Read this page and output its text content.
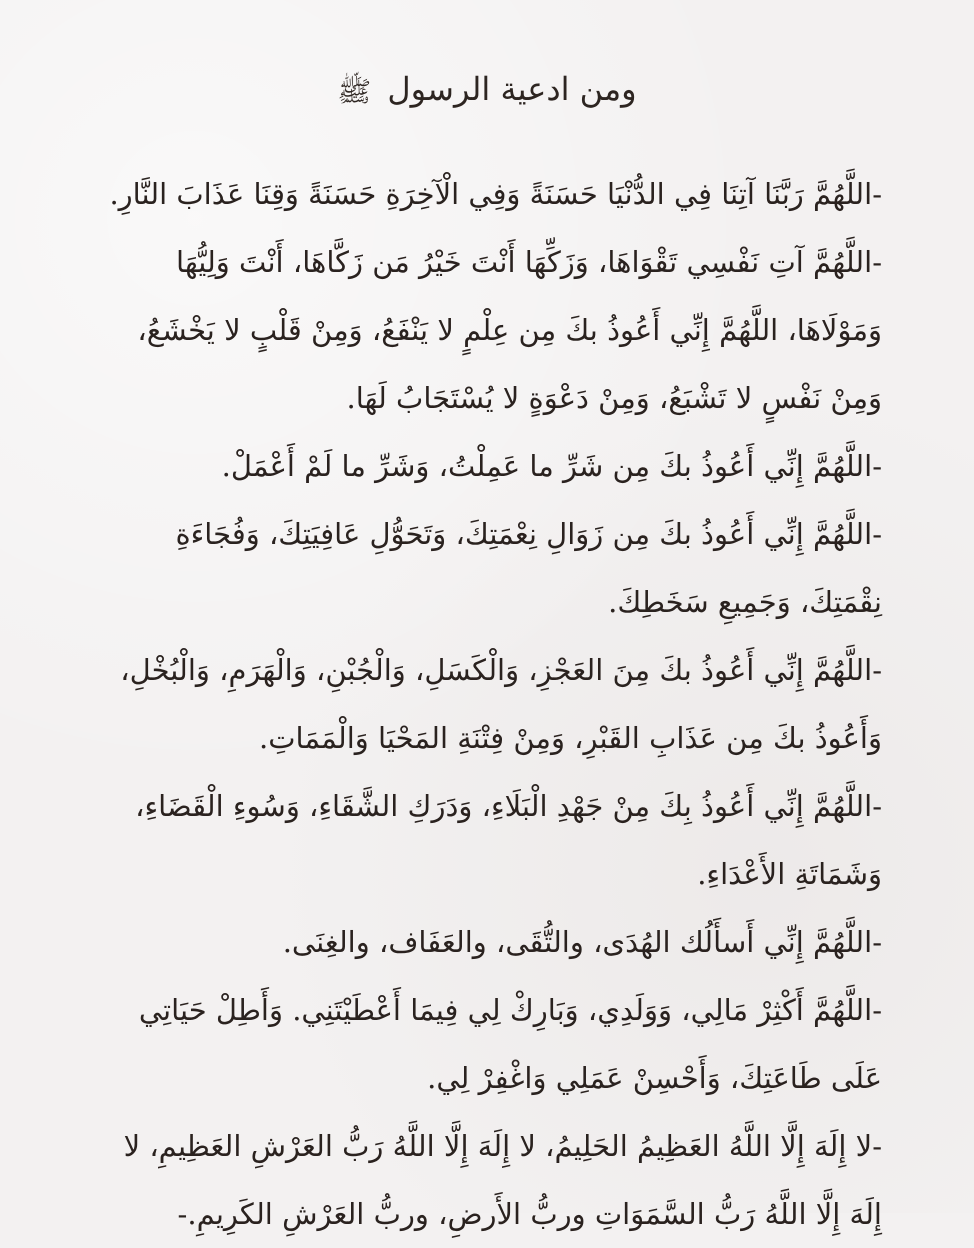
ومن ادعية الرسول ﷺ
-اللَّهُمَّ رَبَّنَا آتِنَا فِي الدُّنْيَا حَسَنَةً وَفِي الْآخِرَةِ حَسَنَةً وَقِنَا عَذَابَ النَّارِ.
-اللَّهُمَّ آتِ نَفْسِي تَقْوَاهَا، وَزَكِّهَا أَنْتَ خَيْرُ مَن زَكَّاهَا، أَنْتَ وَلِيُّهَا وَمَوْلَاهَا، اللَّهُمَّ إِنِّي أَعُوذُ بكَ مِن عِلْمٍ لا يَنْفَعُ، وَمِنْ قَلْبٍ لا يَخْشَعُ، وَمِنْ نَفْسٍ لا تَشْبَعُ، وَمِنْ دَعْوَةٍ لا يُسْتَجَابُ لَهَا.
-اللَّهُمَّ إِنِّي أَعُوذُ بكَ مِن شَرِّ ما عَمِلْتُ، وَشَرِّ ما لَمْ أَعْمَلْ.
-اللَّهُمَّ إِنِّي أَعُوذُ بكَ مِن زَوَالِ نِعْمَتِكَ، وَتَحَوُّلِ عَافِيَتِكَ، وَفُجَاءَةِ نِقْمَتِكَ، وَجَمِيعِ سَخَطِكَ.
-اللَّهُمَّ إِنِّي أَعُوذُ بكَ مِنَ العَجْزِ، وَالْكَسَلِ، وَالْجُبْنِ، وَالْهَرَمِ، وَالْبُخْلِ، وَأَعُوذُ بكَ مِن عَذَابِ القَبْرِ، وَمِنْ فِتْنَةِ المَحْيَا وَالْمَمَاتِ.
-اللَّهُمَّ إِنِّي أَعُوذُ بِكَ مِنْ جَهْدِ الْبَلَاءِ، وَدَرَكِ الشَّقَاءِ، وَسُوءِ الْقَضَاءِ، وَشَمَاتَةِ الأَعْدَاءِ.
-اللَّهُمَّ إِنِّي أَسأَلُك الهُدَى، والتُّقَى، والعَفَاف، والغِنَى.
-اللَّهُمَّ أَكْثِرْ مَالِي، وَوَلَدِي، وَبَارِكْ لِي فِيمَا أَعْطَيْتَنِي. وَأَطِلْ حَيَاتِي عَلَى طَاعَتِكَ، وَأَحْسِنْ عَمَلِي وَاغْفِرْ لِي.
-لا إِلَهَ إِلَّا اللَّهُ العَظِيمُ الحَلِيمُ، لا إِلَهَ إِلَّا اللَّهُ رَبُّ العَرْشِ العَظِيمِ، لا إِلَهَ إِلَّا اللَّهُ رَبُّ السَّمَوَاتِ وربُّ الأَرضِ، وربُّ العَرْشِ الكَرِيمِ.-
